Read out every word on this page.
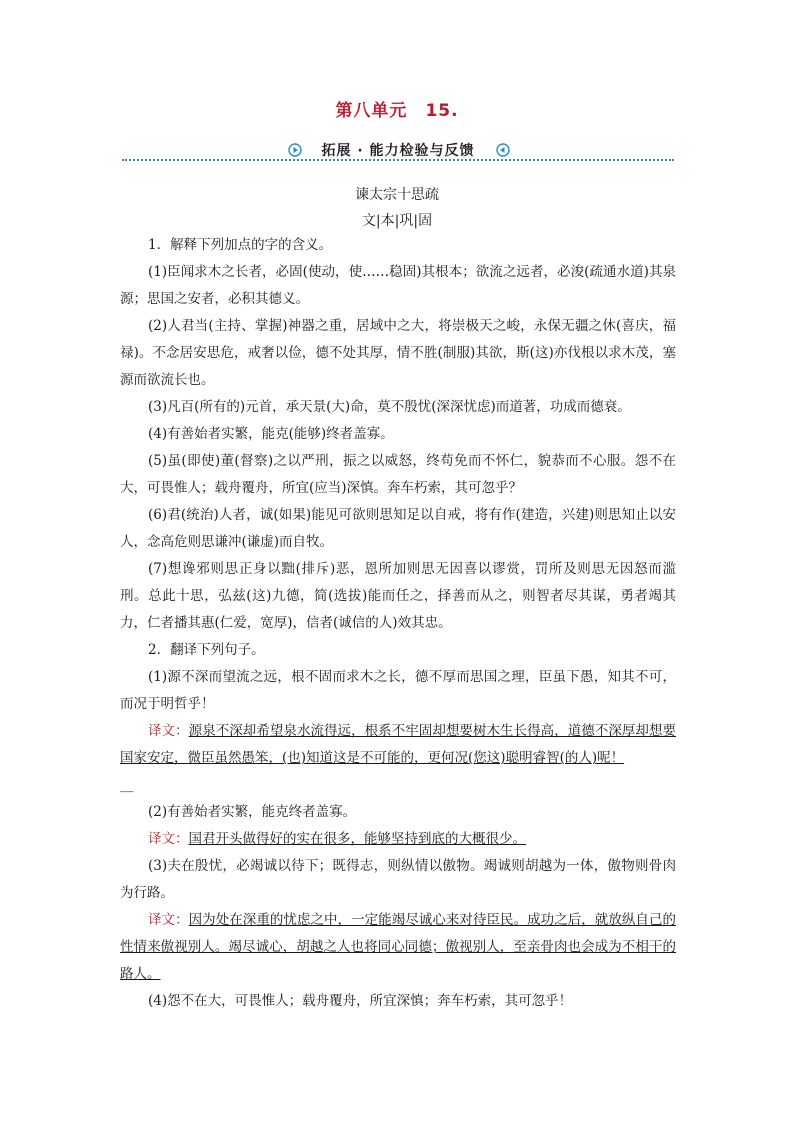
第八单元 15.
拓展 · 能力检验与反馈
谏太宗十思疏
文|本|巩|固

1．解释下列加点的字的含义。

(1)臣闻求木之长者，必固(使动，使……稳固)其根本；欲流之远者，必浚(疏通水道)其泉源；思国之安者，必积其德义。

(2)人君当(主持、掌握)神器之重，居域中之大，将崇极天之峻，永保无疆之休(喜庆，福禄)。不念居安思危，戒奢以俭，德不处其厚，情不胜(制服)其欲，斯(这)亦伐根以求木茂，塞源而欲流长也。

(3)凡百(所有的)元首，承天景(大)命，莫不殷忧(深深忧虑)而道著，功成而德衰。

(4)有善始者实繁，能克(能够)终者盖寡。

(5)虽(即使)董(督察)之以严刑，振之以威怒，终苟免而不怀仁，貌恭而不心服。怨不在大，可畏惟人；载舟覆舟，所宜(应当)深慎。奔车朽索，其可忽乎？

(6)君(统治)人者，诚(如果)能见可欲则思知足以自戒，将有作(建造，兴建)则思知止以安人，念高危则思谦冲(谦虚)而自牧。

(7)想谗邪则思正身以黜(排斥)恶，恩所加则思无因喜以谬赏，罚所及则思无因怒而滥刑。总此十思，弘兹(这)九德，简(选拔)能而任之，择善而从之，则智者尽其谋，勇者竭其力，仁者播其惠(仁爱，宽厚)，信者(诚信的人)效其忠。

2．翻译下列句子。

(1)源不深而望流之远，根不固而求木之长，德不厚而思国之理，臣虽下愚，知其不可，而况于明哲乎！

译文：源泉不深却希望泉水流得远，根系不牢固却想要树木生长得高，道德不深厚却想要国家安定，微臣虽然愚笨，(也)知道这是不可能的，更何况(您这)聪明睿智(的人)呢！

__

(2)有善始者实繁，能克终者盖寡。

译文：国君开头做得好的实在很多，能够坚持到底的大概很少。

(3)夫在殷忧，必竭诚以待下；既得志，则纵情以傲物。竭诚则胡越为一体，傲物则骨肉为行路。

译文：因为处在深重的忧虑之中，一定能竭尽诚心来对待臣民。成功之后，就放纵自己的性情来傲视别人。竭尽诚心，胡越之人也将同心同德；傲视别人，至亲骨肉也会成为不相干的路人。

(4)怨不在大，可畏惟人；载舟覆舟，所宜深慎；奔车朽索，其可忽乎！
